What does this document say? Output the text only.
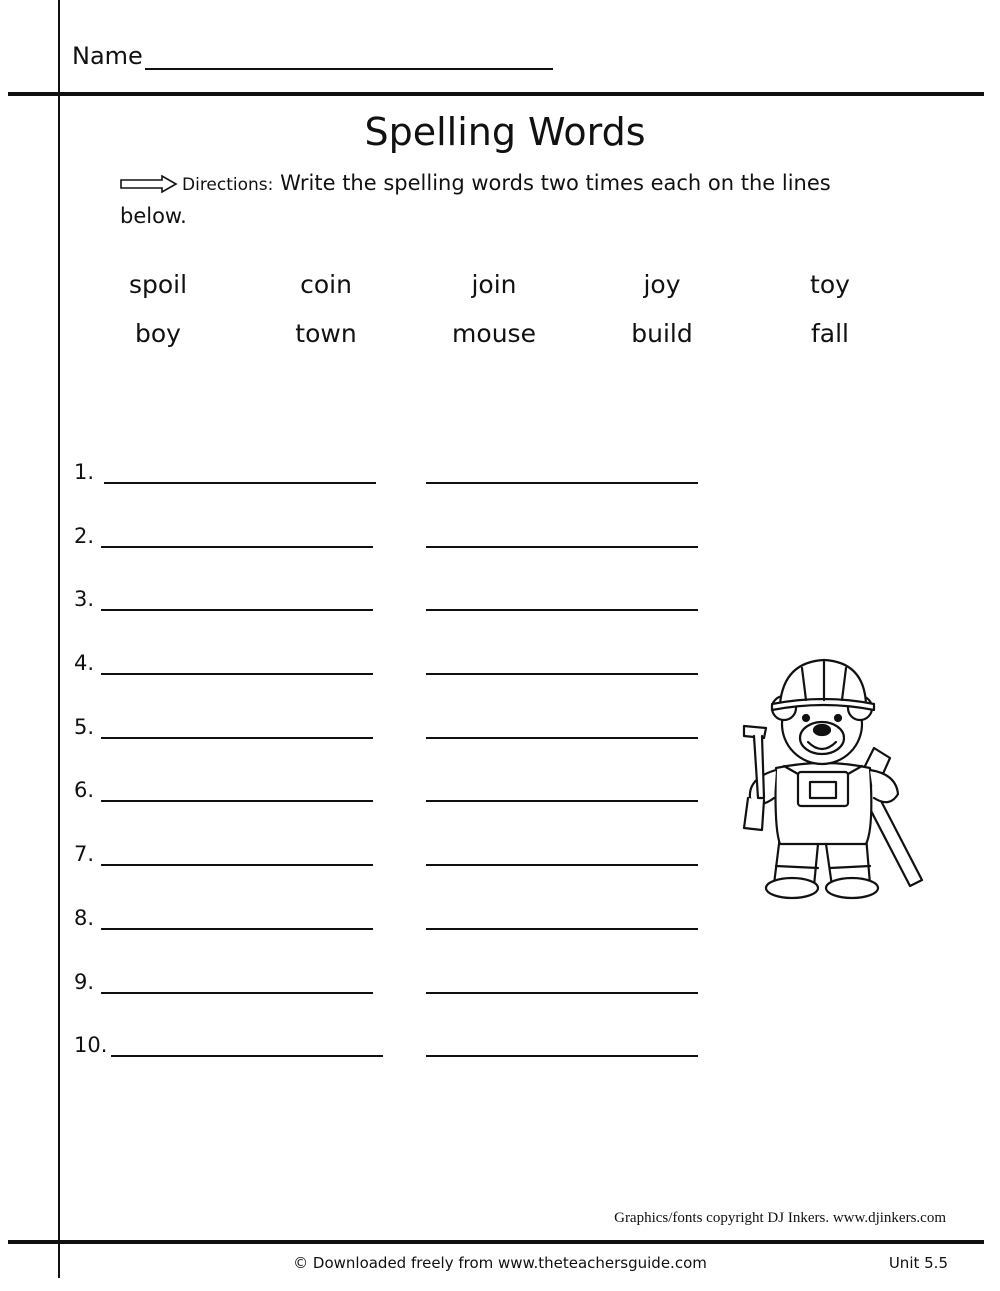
Name
Spelling Words
Directions: Write the spelling words two times each on the lines below.
spoil	coin	join	joy	toy
boy	town	mouse	build	fall
1.
2.
3.
4.
5.
6.
7.
8.
9.
10.
Graphics/fonts copyright DJ Inkers. www.djinkers.com
© Downloaded freely from www.theteachersguide.com	Unit 5.5
